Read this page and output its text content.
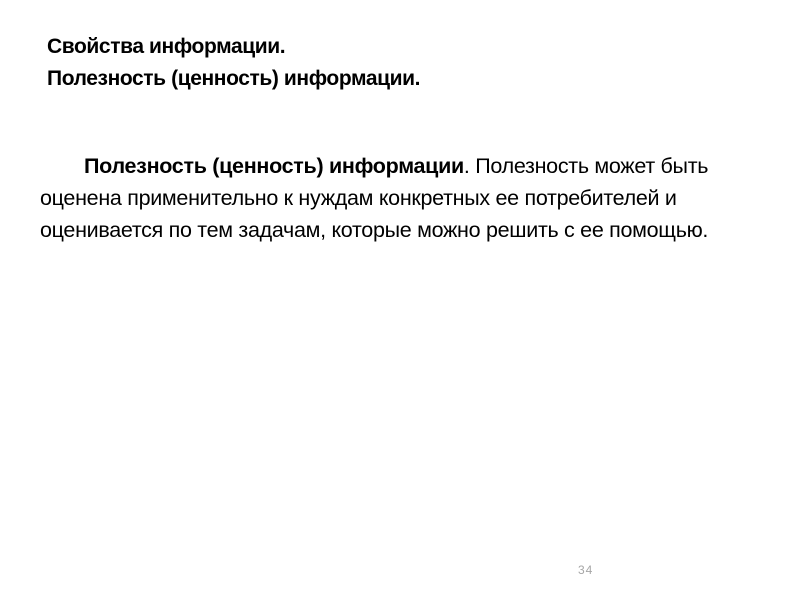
Свойства информации.
Полезность (ценность) информации.
Полезность (ценность) информации. Полезность может быть оценена применительно к нуждам конкретных ее потребителей и оценивается по тем задачам, которые можно решить с ее помощью.
34
